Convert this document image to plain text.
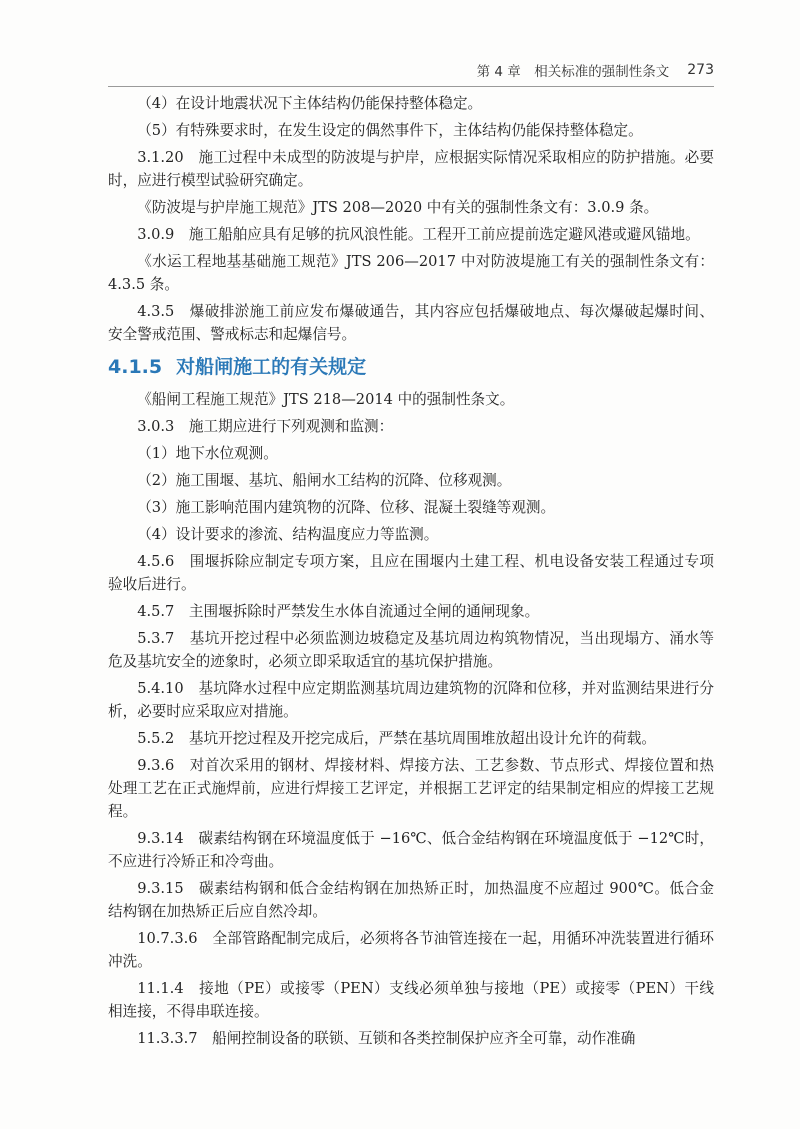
第 4 章　相关标准的强制性条文 273

（4）在设计地震状况下主体结构仍能保持整体稳定。

（5）有特殊要求时，在发生设定的偶然事件下，主体结构仍能保持整体稳定。

3.1.20　施工过程中未成型的防波堤与护岸，应根据实际情况采取相应的防护措施。必要时，应进行模型试验研究确定。

《防波堤与护岸施工规范》JTS 208—2020 中有关的强制性条文有：3.0.9 条。

3.0.9　施工船舶应具有足够的抗风浪性能。工程开工前应提前选定避风港或避风锚地。

《水运工程地基基础施工规范》JTS 206—2017 中对防波堤施工有关的强制性条文有：4.3.5 条。

4.3.5　爆破排淤施工前应发布爆破通告，其内容应包括爆破地点、每次爆破起爆时间、安全警戒范围、警戒标志和起爆信号。

4.1.5 对船闸施工的有关规定

《船闸工程施工规范》JTS 218—2014 中的强制性条文。

3.0.3　施工期应进行下列观测和监测：

（1）地下水位观测。

（2）施工围堰、基坑、船闸水工结构的沉降、位移观测。

（3）施工影响范围内建筑物的沉降、位移、混凝土裂缝等观测。

（4）设计要求的渗流、结构温度应力等监测。

4.5.6　围堰拆除应制定专项方案，且应在围堰内土建工程、机电设备安装工程通过专项验收后进行。

4.5.7　主围堰拆除时严禁发生水体自流通过全闸的通闸现象。

5.3.7　基坑开挖过程中必须监测边坡稳定及基坑周边构筑物情况，当出现塌方、涌水等危及基坑安全的迹象时，必须立即采取适宜的基坑保护措施。

5.4.10　基坑降水过程中应定期监测基坑周边建筑物的沉降和位移，并对监测结果进行分析，必要时应采取应对措施。

5.5.2　基坑开挖过程及开挖完成后，严禁在基坑周围堆放超出设计允许的荷载。

9.3.6　对首次采用的钢材、焊接材料、焊接方法、工艺参数、节点形式、焊接位置和热处理工艺在正式施焊前，应进行焊接工艺评定，并根据工艺评定的结果制定相应的焊接工艺规程。

9.3.14　碳素结构钢在环境温度低于 −16℃、低合金结构钢在环境温度低于 −12℃时，不应进行冷矫正和冷弯曲。

9.3.15　碳素结构钢和低合金结构钢在加热矫正时，加热温度不应超过 900℃。低合金结构钢在加热矫正后应自然冷却。

10.7.3.6　全部管路配制完成后，必须将各节油管连接在一起，用循环冲洗装置进行循环冲洗。

11.1.4　接地（PE）或接零（PEN）支线必须单独与接地（PE）或接零（PEN）干线相连接，不得串联连接。

11.3.3.7　船闸控制设备的联锁、互锁和各类控制保护应齐全可靠，动作准确
